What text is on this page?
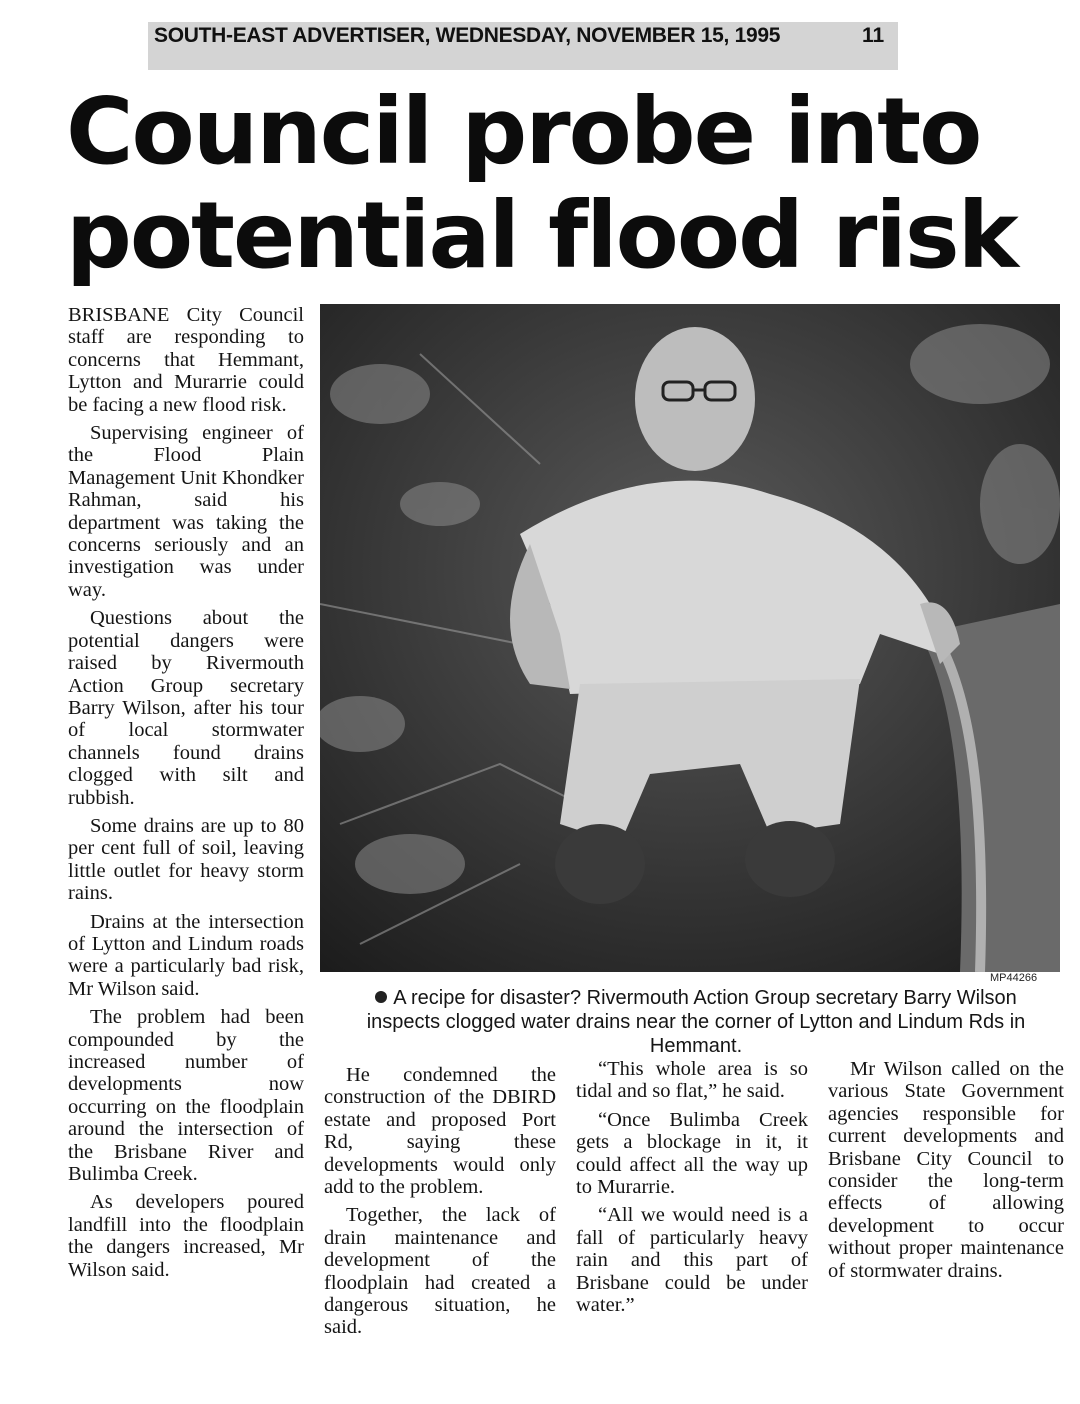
SOUTH-EAST ADVERTISER, WEDNESDAY, NOVEMBER 15, 1995	11
Council probe into
potential flood risk

BRISBANE City Council staff are responding to concerns that Hemmant, Lytton and Murarrie could be facing a new flood risk.

Supervising engineer of the Flood Plain Management Unit Khondker Rahman, said his department was taking the concerns seriously and an investigation was under way.

Questions about the potential dangers were raised by Rivermouth Action Group secretary Barry Wilson, after his tour of local stormwater channels found drains clogged with silt and rubbish.

Some drains are up to 80 per cent full of soil, leaving little outlet for heavy storm rains.

Drains at the intersection of Lytton and Lindum roads were a particularly bad risk, Mr Wilson said.

The problem had been compounded by the increased number of developments now occurring on the floodplain around the intersection of the Brisbane River and Bulimba Creek.

As developers poured landfill into the floodplain the dangers increased, Mr Wilson said.

MP44266

A recipe for disaster? Rivermouth Action Group secretary Barry Wilson inspects clogged water drains near the corner of Lytton and Lindum Rds in Hemmant.

He condemned the construction of the DBIRD estate and proposed Port Rd, saying these developments would only add to the problem.

Together, the lack of drain maintenance and development of the floodplain had created a dangerous situation, he said.

“This whole area is so tidal and so flat,” he said.

“Once Bulimba Creek gets a blockage in it, it could affect all the way up to Murarrie.

“All we would need is a fall of particularly heavy rain and this part of Brisbane could be under water.”

Mr Wilson called on the various State Government agencies responsible for current developments and Brisbane City Council to consider the long-term effects of allowing development to occur without proper maintenance of stormwater drains.
